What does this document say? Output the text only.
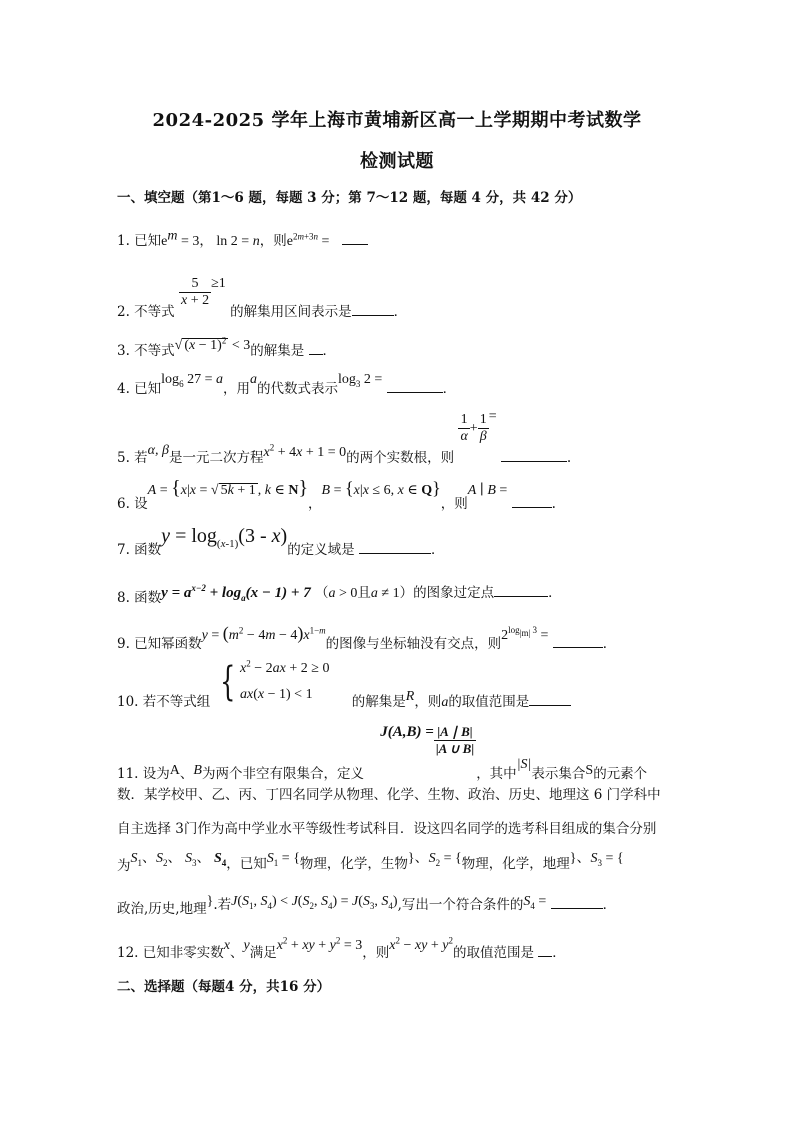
2024-2025 学年上海市黄埔新区高一上学期期中考试数学
检测试题
一、填空题（第1～6 题，每题 3 分；第 7～12 题，每题 4 分，共 42 分）
1. 已知$e^m = 3$， ln 2 = n，则$e^{2m+3n}$ =
2. 不等式
$\frac{5}{x + 2} \ge 1$ 的解集用区间表示是	．
3. 不等式√ $(x - 1)^2 < 3$的解集是 ．
4. 已知$\log_6 27 = a$，用a的代数式表示$\log_3 2$ = ．
5. 若α, β是一元二次方程$x^2 + 4x + 1 = 0$的两个实数根，则
$\frac{1}{\alpha} + \frac{1}{\beta}$ = .
6. 设A = {x|x = √ 5k + 1 , k ∈ N}，B = {x|x ≤ 6, x ∈ Q}，则A ∣ B = .
7. 函数$y = \log_{(x-1)}(3 - x)$的定义域是	．
8. 函数$y = a^{x-2} + \log_a(x - 1) + 7$ （a > 0且a ≠ 1）的图象过定点	．
9. 已知幂函数$y = (m^2 - 4m - 4)x^{1-m}$的图像与坐标轴没有交点，则$2^{log_{|m|} 3}$ = ．
10. 若不等式组 { $x^2 - 2ax + 2 \ge 0$
ax(x − 1) < 1	的解集是R，则a的取值范围是
11. 设为A、B为两个非空有限集合，定义 $J(A,B) = \frac{|A ∣ B|}{|A \cup B|}$
，其中|S|表示集合S的元素个
数．某学校甲、乙、丙、丁四名同学从物理、化学、生物、政治、历史、地理这 6 门学科中
自主选择 3门作为高中学业水平等级性考试科目．设这四名同学的选考科目组成的集合分别
为$S_1$、$S_2$、 $S_3$、 $S_4$，已知$S_1$ = {物理，化学，生物}、$S_2$ = {物理，化学，地理}、$S_3$ = {
政治,历史,地理}.若$J(S_1$, $S_4) < J(S_2$, $S_4) = J(S_3$, $S_4$),写出一个符合条件的$S_4$ =	．
12. 已知非零实数x、y满足$x^2$ + xy + $y^2 = 3$，则$x^2$ − xy + $y^2$的取值范围是 ．
二、选择题（每题4 分，共16 分）
